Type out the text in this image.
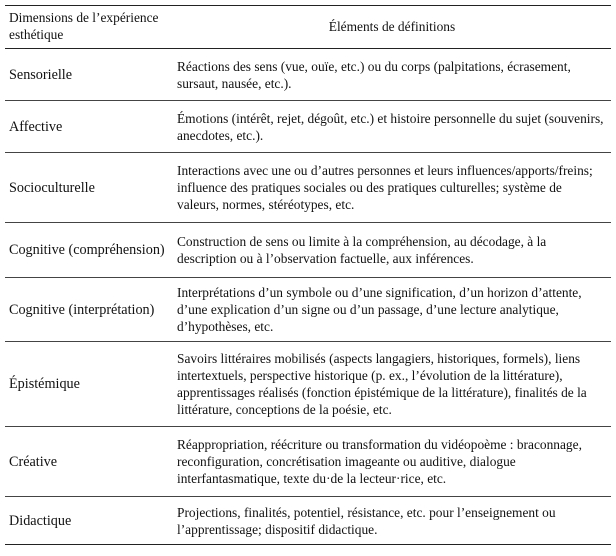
Dimensions de l’expérience esthétique	Éléments de définitions
Sensorielle	Réactions des sens (vue, ouïe, etc.) ou du corps (palpitations, écrasement, sursaut, nausée, etc.).
Affective	Émotions (intérêt, rejet, dégoût, etc.) et histoire personnelle du sujet (souvenirs, anecdotes, etc.).
Socioculturelle	Interactions avec une ou d’autres personnes et leurs influences/apports/freins; influence des pratiques sociales ou des pratiques culturelles; système de valeurs, normes, stéréotypes, etc.
Cognitive (compréhension)	Construction de sens ou limite à la compréhension, au décodage, à la description ou à l’observation factuelle, aux inférences.
Cognitive (interprétation)	Interprétations d’un symbole ou d’une signification, d’un horizon d’attente, d’une explication d’un signe ou d’un passage, d’une lecture analytique, d’hypothèses, etc.
Épistémique	Savoirs littéraires mobilisés (aspects langagiers, historiques, formels), liens intertextuels, perspective historique (p. ex., l’évolution de la littérature), apprentissages réalisés (fonction épistémique de la littérature), finalités de la littérature, conceptions de la poésie, etc.
Créative	Réappropriation, réécriture ou transformation du vidéopoème : braconnage, reconfiguration, concrétisation imageante ou auditive, dialogue interfantasmatique, texte du·de la lecteur·rice, etc.
Didactique	Projections, finalités, potentiel, résistance, etc. pour l’enseignement ou l’apprentissage; dispositif didactique.
